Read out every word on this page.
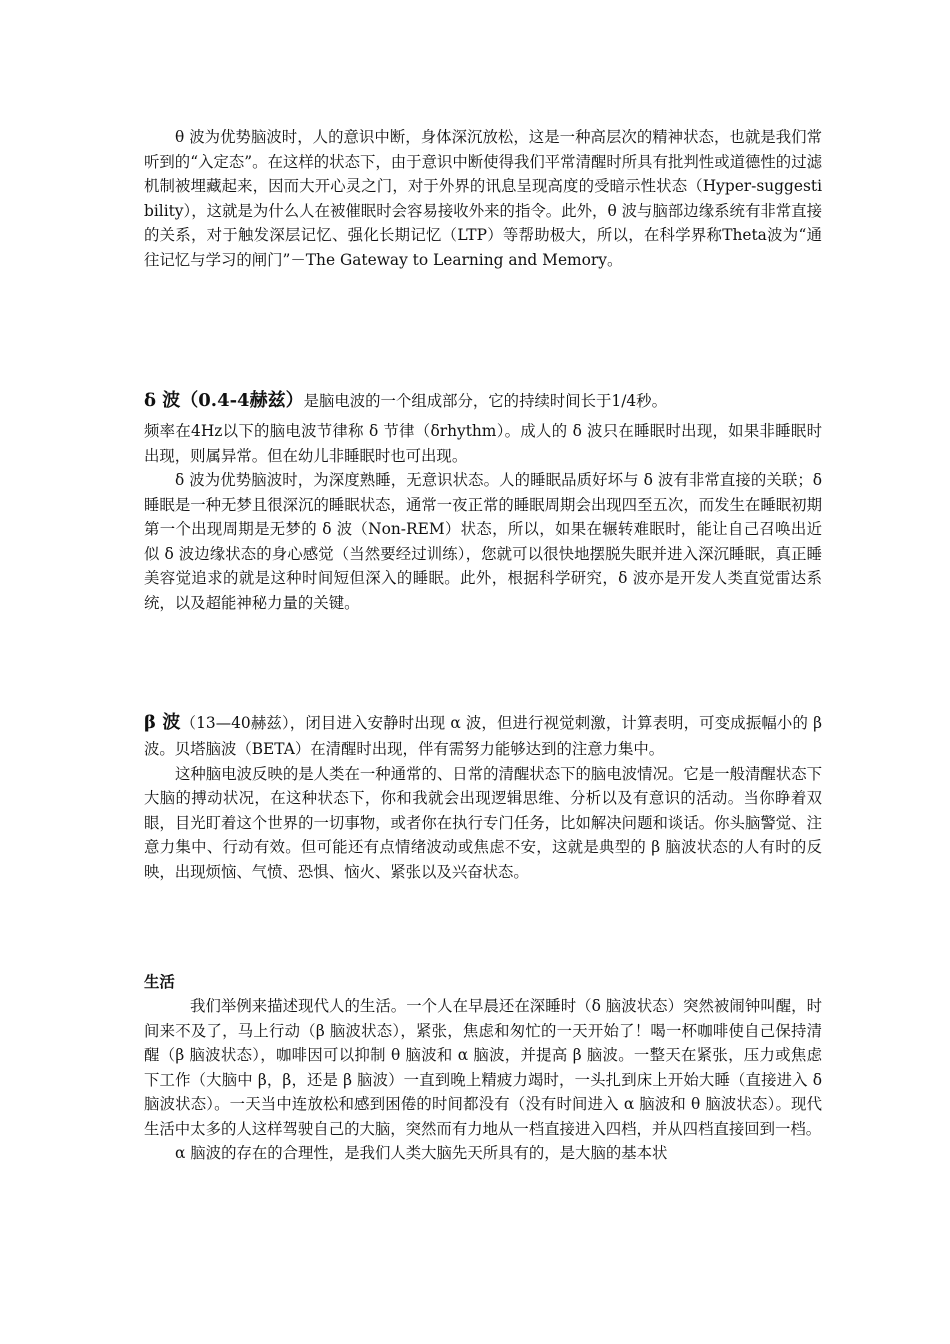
θ 波为优势脑波时，人的意识中断，身体深沉放松，这是一种高层次的精神状态，也就是我们常听到的“入定态”。在这样的状态下，由于意识中断使得我们平常清醒时所具有批判性或道德性的过滤机制被埋藏起来，因而大开心灵之门，对于外界的讯息呈现高度的受暗示性状态（Hyper-suggestibility），这就是为什么人在被催眠时会容易接收外来的指令。此外，θ 波与脑部边缘系统有非常直接的关系，对于触发深层记忆、强化长期记忆（LTP）等帮助极大，所以，在科学界称Theta波为“通往记忆与学习的闸门”－The Gateway to Learning and Memory。

δ 波（0.4-4赫兹）是脑电波的一个组成部分，它的持续时间长于1/4秒。

频率在4Hz以下的脑电波节律称 δ 节律（δrhythm）。成人的 δ 波只在睡眠时出现，如果非睡眠时出现，则属异常。但在幼儿非睡眠时也可出现。

δ 波为优势脑波时，为深度熟睡，无意识状态。人的睡眠品质好坏与 δ 波有非常直接的关联；δ 睡眠是一种无梦且很深沉的睡眠状态，通常一夜正常的睡眠周期会出现四至五次，而发生在睡眠初期第一个出现周期是无梦的 δ 波（Non-REM）状态，所以，如果在辗转难眠时，能让自己召唤出近似 δ 波边缘状态的身心感觉（当然要经过训练），您就可以很快地摆脱失眠并进入深沉睡眠，真正睡美容觉追求的就是这种时间短但深入的睡眠。此外，根据科学研究，δ 波亦是开发人类直觉雷达系统，以及超能神秘力量的关键。

β 波（13—40赫兹），闭目进入安静时出现 α 波，但进行视觉刺激，计算表明，可变成振幅小的 β 波。贝塔脑波（BETA）在清醒时出现，伴有需努力能够达到的注意力集中。

这种脑电波反映的是人类在一种通常的、日常的清醒状态下的脑电波情况。它是一般清醒状态下大脑的搏动状况，在这种状态下，你和我就会出现逻辑思维、分析以及有意识的活动。当你睁着双眼，目光盯着这个世界的一切事物，或者你在执行专门任务，比如解决问题和谈话。你头脑警觉、注意力集中、行动有效。但可能还有点情绪波动或焦虑不安，这就是典型的 β 脑波状态的人有时的反映，出现烦恼、气愤、恐惧、恼火、紧张以及兴奋状态。

生活

我们举例来描述现代人的生活。一个人在早晨还在深睡时（δ 脑波状态）突然被闹钟叫醒，时间来不及了，马上行动（β 脑波状态），紧张，焦虑和匆忙的一天开始了！喝一杯咖啡使自己保持清醒（β 脑波状态），咖啡因可以抑制 θ 脑波和 α 脑波，并提高 β 脑波。一整天在紧张，压力或焦虑下工作（大脑中 β，β，还是 β 脑波）一直到晚上精疲力竭时，一头扎到床上开始大睡（直接进入 δ 脑波状态）。一天当中连放松和感到困倦的时间都没有（没有时间进入 α 脑波和 θ 脑波状态）。现代生活中太多的人这样驾驶自己的大脑，突然而有力地从一档直接进入四档，并从四档直接回到一档。

α 脑波的存在的合理性，是我们人类大脑先天所具有的，是大脑的基本状
